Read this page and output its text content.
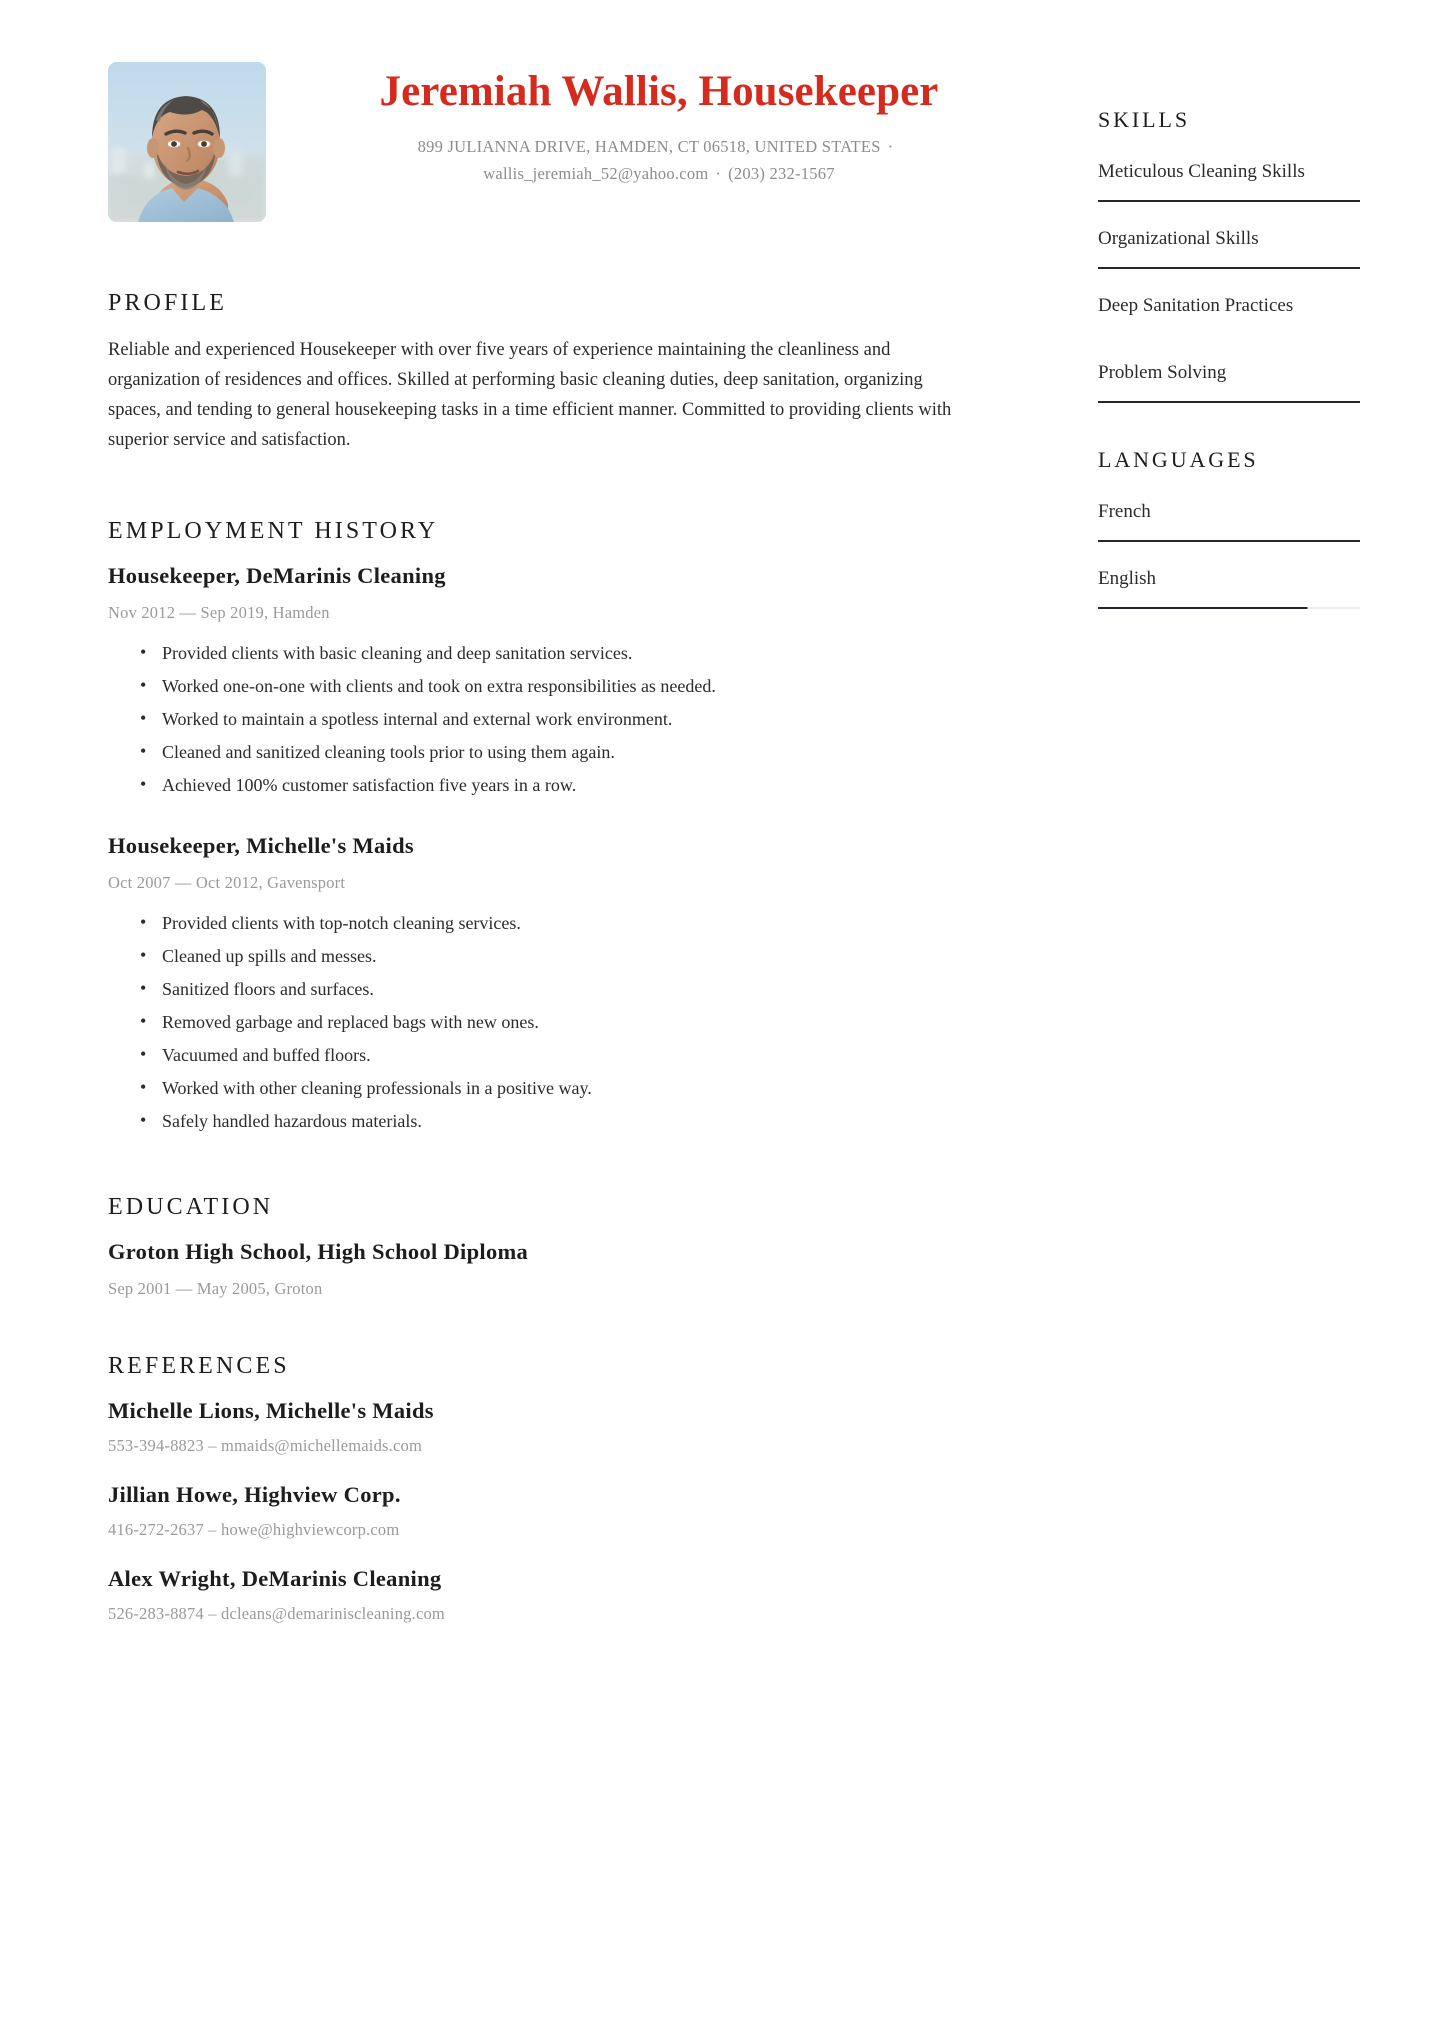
Jeremiah Wallis, Housekeeper
899 JULIANNA DRIVE, HAMDEN, CT 06518, UNITED STATES ·
wallis_jeremiah_52@yahoo.com · (203) 232-1567
PROFILE

Reliable and experienced Housekeeper with over five years of experience maintaining the cleanliness and organization of residences and offices. Skilled at performing basic cleaning duties, deep sanitation, organizing spaces, and tending to general housekeeping tasks in a time efficient manner. Committed to providing clients with superior service and satisfaction.

EMPLOYMENT HISTORY
Housekeeper, DeMarinis Cleaning

Nov 2012 — Sep 2019, Hamden

• Provided clients with basic cleaning and deep sanitation services.
• Worked one-on-one with clients and took on extra responsibilities as needed.
• Worked to maintain a spotless internal and external work environment.
• Cleaned and sanitized cleaning tools prior to using them again.
• Achieved 100% customer satisfaction five years in a row.
Housekeeper, Michelle's Maids

Oct 2007 — Oct 2012, Gavensport

• Provided clients with top-notch cleaning services.
• Cleaned up spills and messes.
• Sanitized floors and surfaces.
• Removed garbage and replaced bags with new ones.
• Vacuumed and buffed floors.
• Worked with other cleaning professionals in a positive way.
• Safely handled hazardous materials.
EDUCATION
Groton High School, High School Diploma

Sep 2001 — May 2005, Groton

REFERENCES
Michelle Lions, Michelle's Maids

553-394-8823 – mmaids@michellemaids.com

Jillian Howe, Highview Corp.

416-272-2637 – howe@highviewcorp.com

Alex Wright, DeMarinis Cleaning

526-283-8874 – dcleans@demariniscleaning.com

SKILLS

Meticulous Cleaning Skills

Organizational Skills

Deep Sanitation Practices

Problem Solving

LANGUAGES

French

English
